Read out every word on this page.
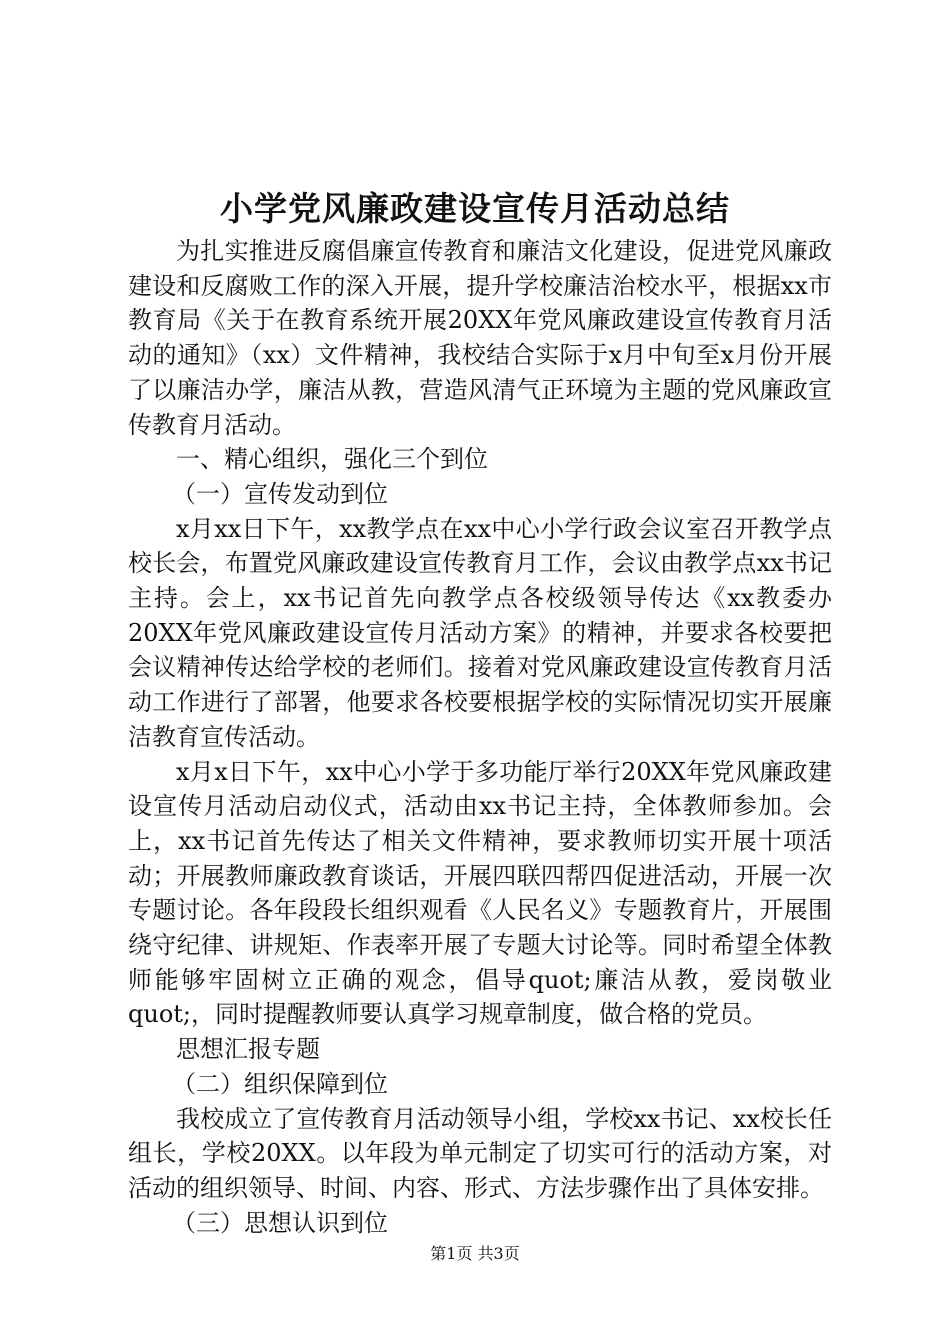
小学党风廉政建设宣传月活动总结

为扎实推进反腐倡廉宣传教育和廉洁文化建设，促进党风廉政建设和反腐败工作的深入开展，提升学校廉洁治校水平，根据xx市教育局《关于在教育系统开展20XX年党风廉政建设宣传教育月活动的通知》（xx）文件精神，我校结合实际于x月中旬至x月份开展了以廉洁办学，廉洁从教，营造风清气正环境为主题的党风廉政宣传教育月活动。

一、精心组织，强化三个到位

（一）宣传发动到位

x月xx日下午，xx教学点在xx中心小学行政会议室召开教学点校长会，布置党风廉政建设宣传教育月工作，会议由教学点xx书记主持。会上，xx书记首先向教学点各校级领导传达《xx教委办20XX年党风廉政建设宣传月活动方案》的精神，并要求各校要把会议精神传达给学校的老师们。接着对党风廉政建设宣传教育月活动工作进行了部署，他要求各校要根据学校的实际情况切实开展廉洁教育宣传活动。

x月x日下午，xx中心小学于多功能厅举行20XX年党风廉政建设宣传月活动启动仪式，活动由xx书记主持，全体教师参加。会上，xx书记首先传达了相关文件精神，要求教师切实开展十项活动；开展教师廉政教育谈话，开展四联四帮四促进活动，开展一次专题讨论。各年段段长组织观看《人民名义》专题教育片，开展围绕守纪律、讲规矩、作表率开展了专题大讨论等。同时希望全体教师能够牢固树立正确的观念，倡导quot;廉洁从教，爱岗敬业quot;，同时提醒教师要认真学习规章制度，做合格的党员。

思想汇报专题

（二）组织保障到位

我校成立了宣传教育月活动领导小组，学校xx书记、xx校长任组长，学校20XX。以年段为单元制定了切实可行的活动方案，对活动的组织领导、时间、内容、形式、方法步骤作出了具体安排。

（三）思想认识到位

第1页 共3页
